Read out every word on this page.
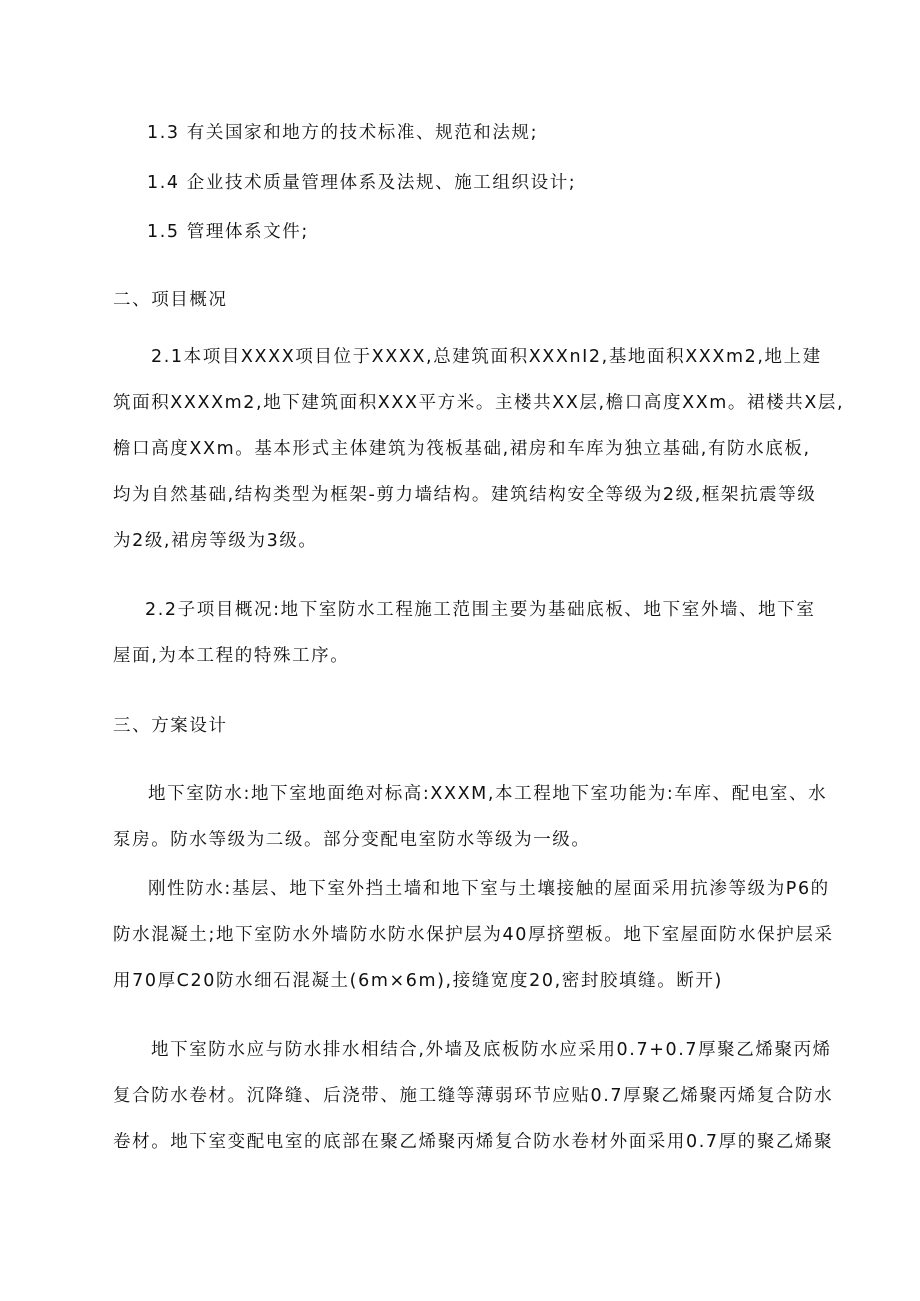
1.3 有关国家和地方的技术标准、规范和法规;

1.4 企业技术质量管理体系及法规、施工组织设计;

1.5 管理体系文件;

二、项目概况

2.1本项目XXXX项目位于XXXX,总建筑面积XXXnI2,基地面积XXXm2,地上建
筑面积XXXXm2,地下建筑面积XXX平方米。主楼共XX层,檐口高度XXm。裙楼共X层,
檐口高度XXm。基本形式主体建筑为筏板基础,裙房和车库为独立基础,有防水底板,
均为自然基础,结构类型为框架-剪力墙结构。建筑结构安全等级为2级,框架抗震等级
为2级,裙房等级为3级。
2.2子项目概况:地下室防水工程施工范围主要为基础底板、地下室外墙、地下室
屋面,为本工程的特殊工序。

三、方案设计

地下室防水:地下室地面绝对标高:XXXM,本工程地下室功能为:车库、配电室、水
泵房。防水等级为二级。部分变配电室防水等级为一级。
刚性防水:基层、地下室外挡土墙和地下室与土壤接触的屋面采用抗渗等级为P6的
防水混凝土;地下室防水外墙防水防水保护层为40厚挤塑板。地下室屋面防水保护层采
用70厚C20防水细石混凝土(6m×6m),接缝宽度20,密封胶填缝。断开)
地下室防水应与防水排水相结合,外墙及底板防水应采用0.7+0.7厚聚乙烯聚丙烯
复合防水卷材。沉降缝、后浇带、施工缝等薄弱环节应贴0.7厚聚乙烯聚丙烯复合防水
卷材。地下室变配电室的底部在聚乙烯聚丙烯复合防水卷材外面采用0.7厚的聚乙烯聚
